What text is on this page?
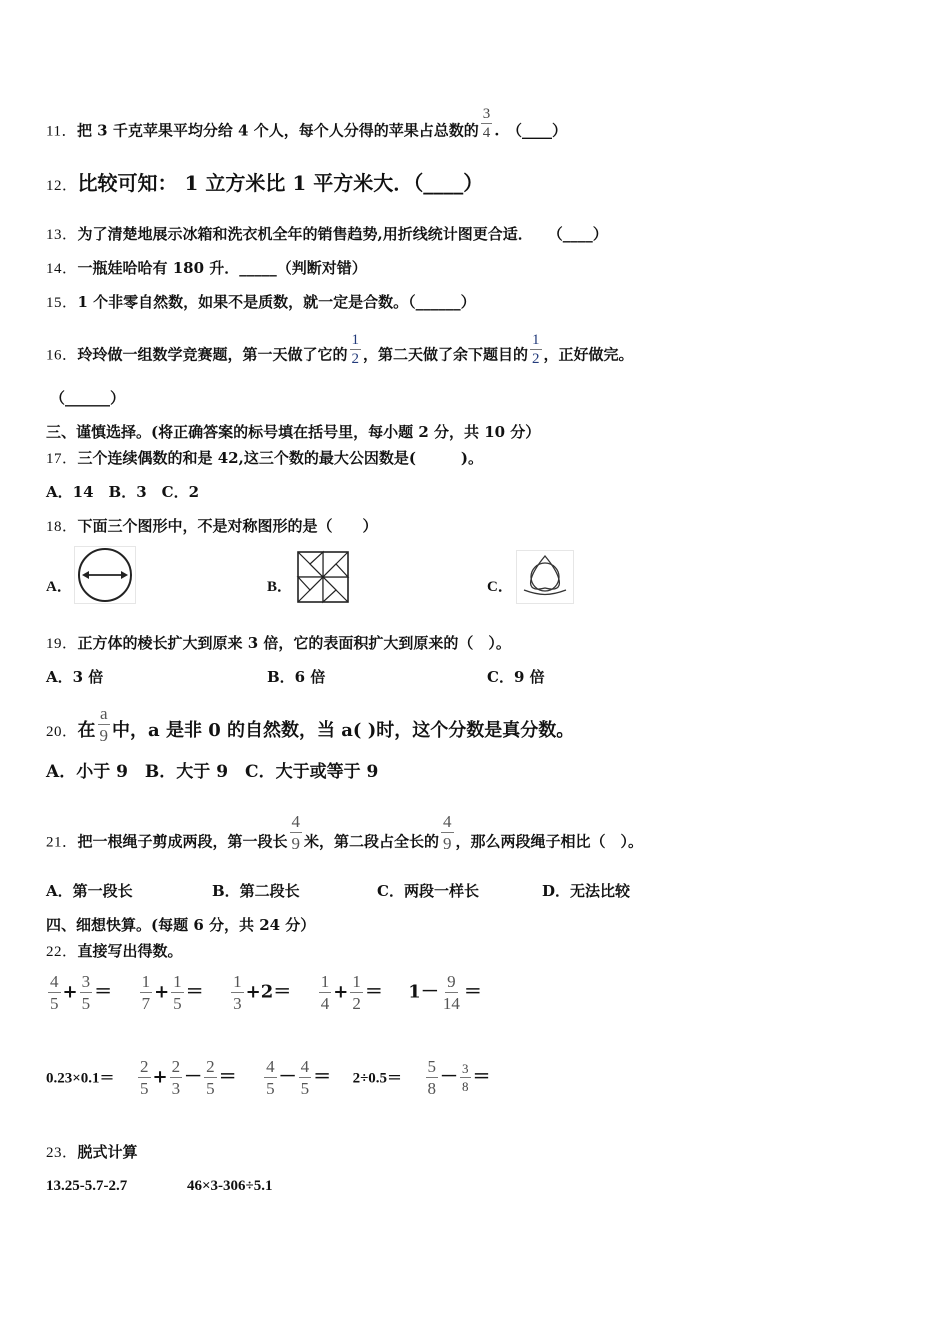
11．把 3 千克苹果平均分给 4 个人，每个人分得的苹果占总数的 $\frac{3}{4}$ .　（____）
12．比较可知： 1 立方米比 1 平方米大．（____）
13．为了清楚地展示冰箱和洗衣机全年的销售趋势,用折线统计图更合适．　　（____）
14．一瓶娃哈哈有 180 升．_____（判断对错）
15．1 个非零自然数，如果不是质数，就一定是合数。（______）
16．玲玲做一组数学竞赛题，第一天做了它的 $\frac{1}{2}$ ，第二天做了余下题目的 $\frac{1}{2}$ ，正好做完。
（______）
三、谨慎选择。(将正确答案的标号填在括号里，每小题 2 分，共 10 分）
17．三个连续偶数的和是 42,这三个数的最大公因数是(　　　)。
A．14　B．3　C．2
18．下面三个图形中，不是对称图形的是（　　）
A．	B．	C．
19．正方体的棱长扩大到原来 3 倍，它的表面积扩大到原来的（　）。
A．3 倍	B．6 倍	C．9 倍
20．在 $\frac{a}{9}$ 中，a 是非 0 的自然数，当 a( )时，这个分数是真分数。
A．小于 9　B．大于 9　C．大于或等于 9
21．把一根绳子剪成两段，第一段长 $\frac{4}{9}$ 米，第二段占全长的 $\frac{4}{9}$ ，那么两段绳子相比（　）。
A．第一段长	B．第二段长	C．两段一样长	D．无法比较
四、细想快算。(每题 6 分，共 24 分）
22．直接写出得数。
$\frac{4}{5} + \frac{3}{5} = \frac{1}{7} + \frac{1}{5} = \frac{1}{3} +2= \frac{1}{4} + \frac{1}{2} = 1- \frac{9}{14}$ ＝
$0.23\times 0.1= \frac{2}{5} + \frac{2}{3} - \frac{2}{5} = \frac{4}{5} - \frac{4}{5} = 2\div 0.5= \frac{5}{8} - \frac{3}{8}$ ＝
23．脱式计算
13.25-5.7-2.7	46×3-306÷5.1
